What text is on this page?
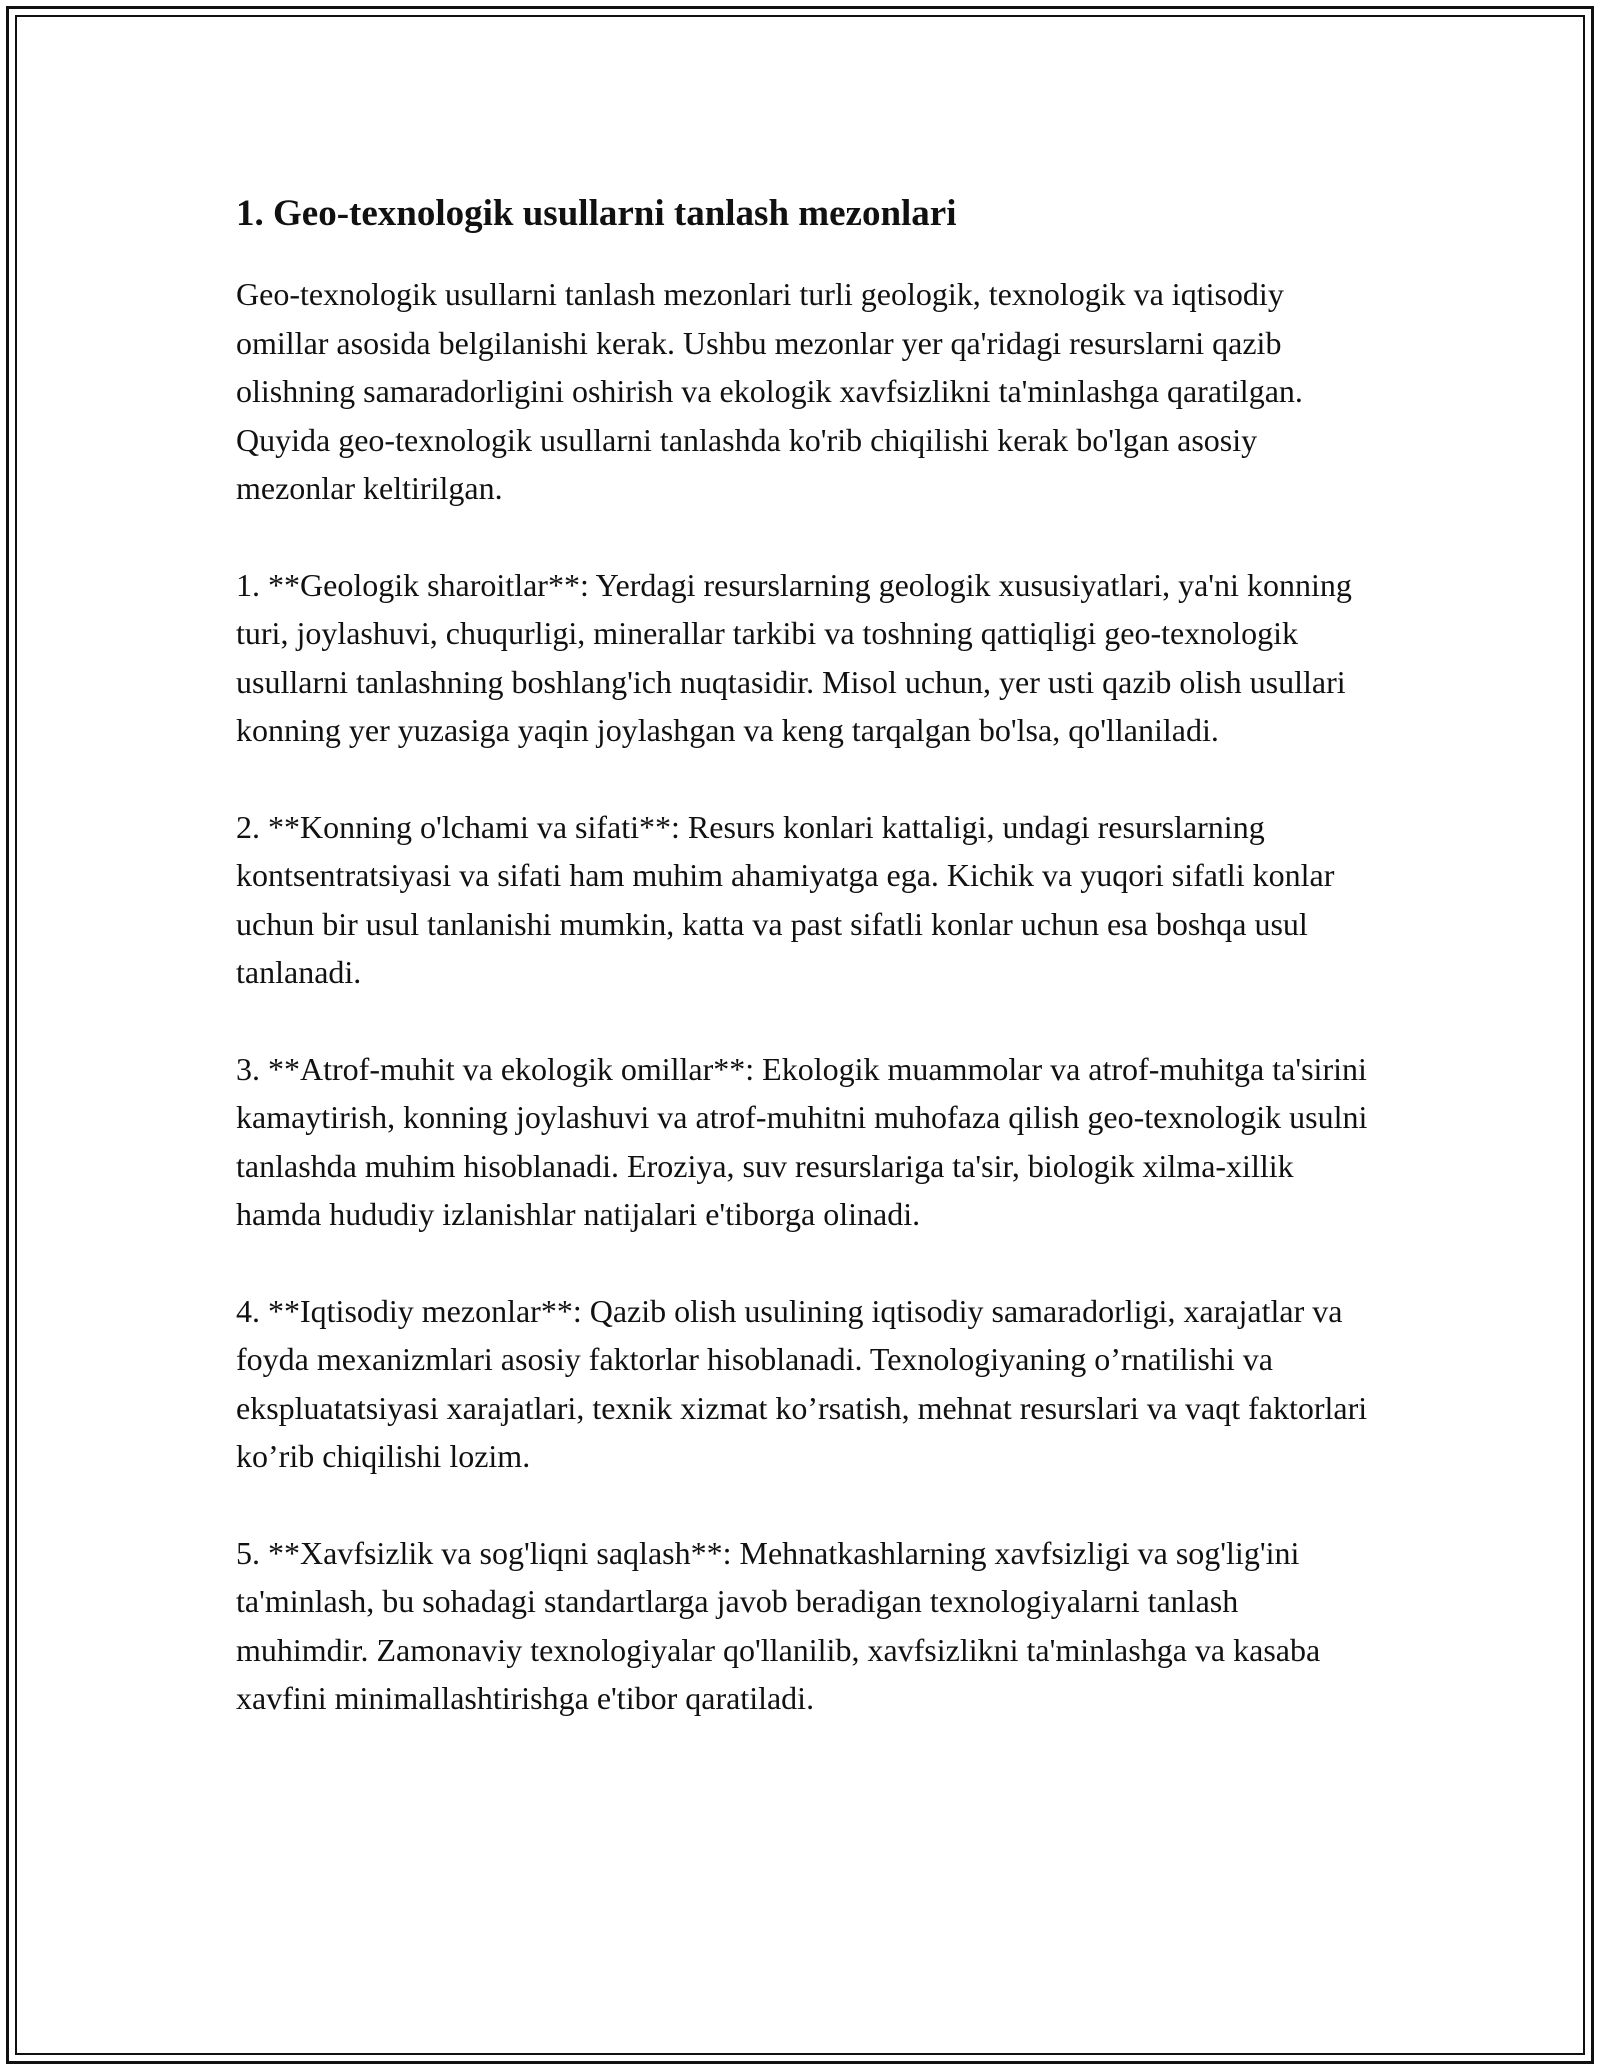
1. Geo-texnologik usullarni tanlash mezonlari

Geo-texnologik usullarni tanlash mezonlari turli geologik, texnologik va iqtisodiy omillar asosida belgilanishi kerak. Ushbu mezonlar yer qa'ridagi resurslarni qazib olishning samaradorligini oshirish va ekologik xavfsizlikni ta'minlashga qaratilgan. Quyida geo-texnologik usullarni tanlashda ko'rib chiqilishi kerak bo'lgan asosiy mezonlar keltirilgan.

1. **Geologik sharoitlar**: Yerdagi resurslarning geologik xususiyatlari, ya'ni konning turi, joylashuvi, chuqurligi, minerallar tarkibi va toshning qattiqligi geo-texnologik usullarni tanlashning boshlang'ich nuqtasidir. Misol uchun, yer usti qazib olish usullari konning yer yuzasiga yaqin joylashgan va keng tarqalgan bo'lsa, qo'llaniladi.

2. **Konning o'lchami va sifati**: Resurs konlari kattaligi, undagi resurslarning kontsentratsiyasi va sifati ham muhim ahamiyatga ega. Kichik va yuqori sifatli konlar uchun bir usul tanlanishi mumkin, katta va past sifatli konlar uchun esa boshqa usul tanlanadi.

3. **Atrof-muhit va ekologik omillar**: Ekologik muammolar va atrof-muhitga ta'sirini kamaytirish, konning joylashuvi va atrof-muhitni muhofaza qilish geo-texnologik usulni tanlashda muhim hisoblanadi. Eroziya, suv resurslariga ta'sir, biologik xilma-xillik hamda hududiy izlanishlar natijalari e'tiborga olinadi.

4. **Iqtisodiy mezonlar**: Qazib olish usulining iqtisodiy samaradorligi, xarajatlar va foyda mexanizmlari asosiy faktorlar hisoblanadi. Texnologiyaning o’rnatilishi va ekspluatatsiyasi xarajatlari, texnik xizmat ko’rsatish, mehnat resurslari va vaqt faktorlari ko’rib chiqilishi lozim.

5. **Xavfsizlik va sog'liqni saqlash**: Mehnatkashlarning xavfsizligi va sog'lig'ini ta'minlash, bu sohadagi standartlarga javob beradigan texnologiyalarni tanlash muhimdir. Zamonaviy texnologiyalar qo'llanilib, xavfsizlikni ta'minlashga va kasaba xavfini minimallashtirishga e'tibor qaratiladi.
